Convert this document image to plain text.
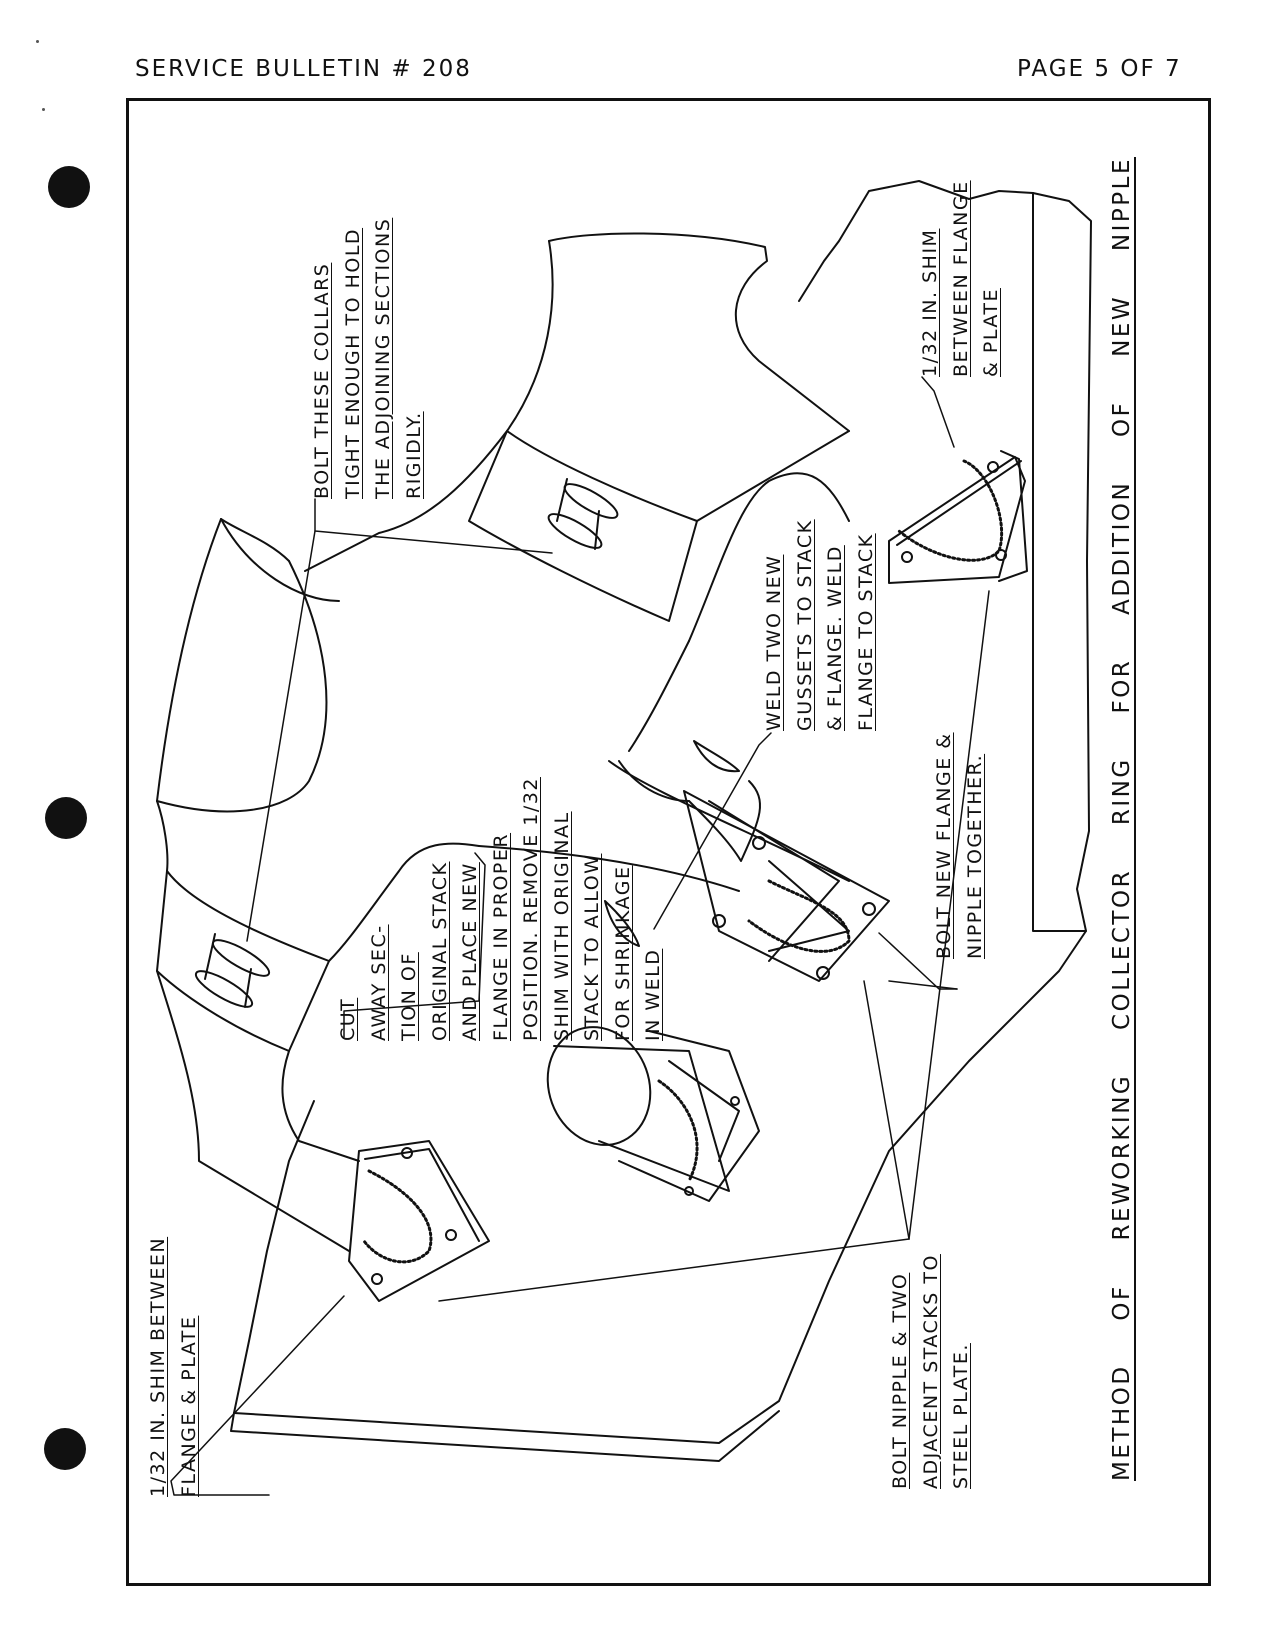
SERVICE BULLETIN # 208	PAGE 5 OF 7
BOLT THESE COLLARS TIGHT ENOUGH TO HOLD THE ADJOINING SECTIONS RIGIDLY.
1/32 IN. SHIM BETWEEN FLANGE & PLATE
WELD TWO NEW GUSSETS TO STACK & FLANGE. WELD FLANGE TO STACK
BOLT NEW FLANGE & NIPPLE TOGETHER.
CUT AWAY SEC- TION OF ORIGINAL STACK AND PLACE NEW FLANGE IN PROPER POSITION. REMOVE 1/32 SHIM WITH ORIGINAL STACK TO ALLOW FOR SHRINKAGE IN WELD
1/32 IN. SHIM BETWEEN FLANGE & PLATE	BOLT NIPPLE & TWO ADJACENT STACKS TO STEEL PLATE.	METHOD OF REWORKING COLLECTOR RING FOR ADDITION OF NEW NIPPLE
